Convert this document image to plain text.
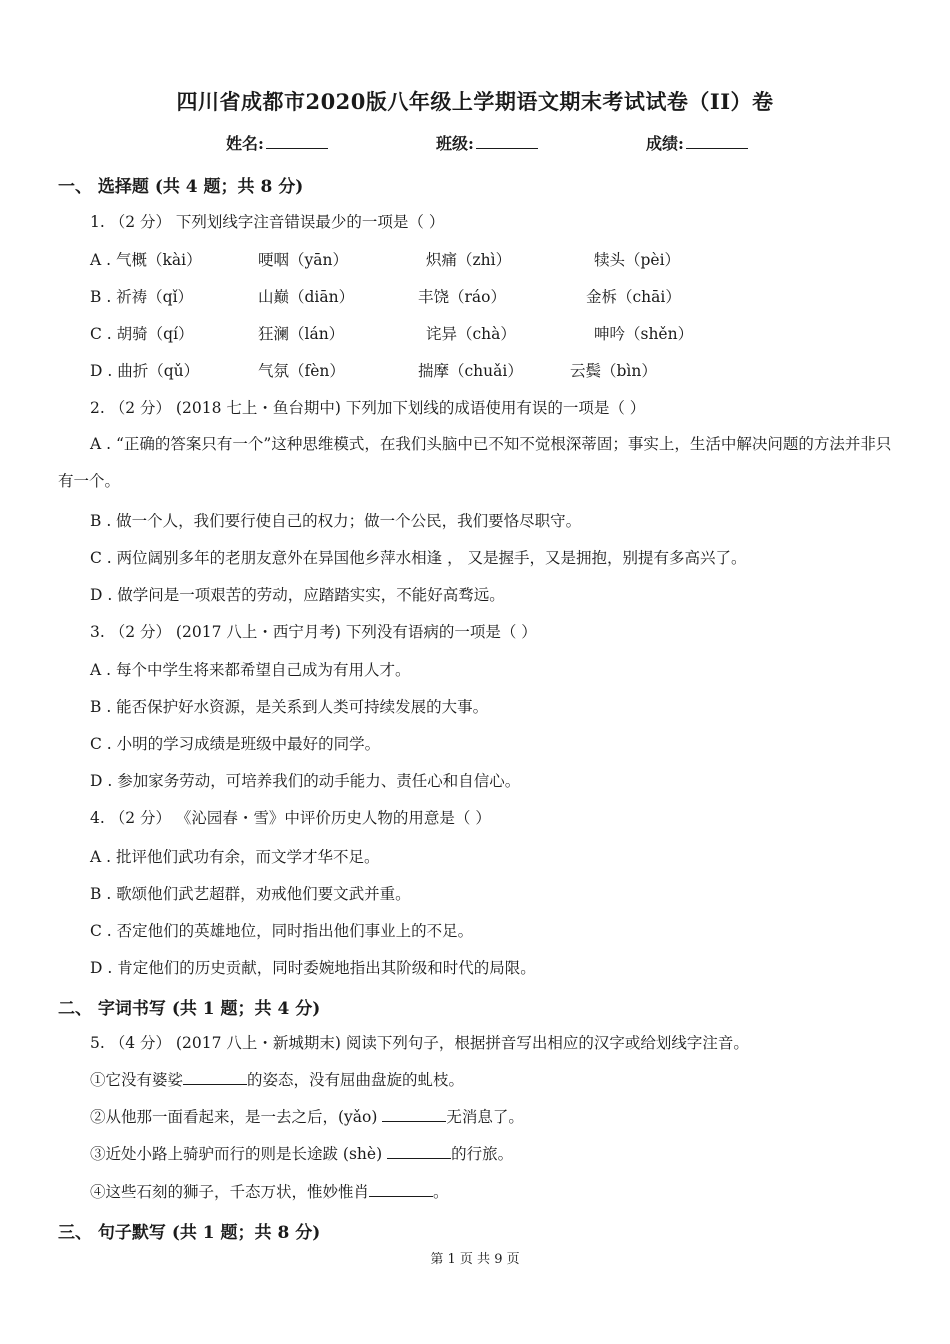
四川省成都市2020版八年级上学期语文期末考试试卷（II）卷
姓名:	班级:	成绩:
一、 选择题 (共 4 题；共 8 分)
1. （2 分） 下列划线字注音错误最少的一项是（ ）
A . 气概（kài）	哽咽（yān）	炽痛（zhì）	犊头（pèi）
B . 祈祷（qǐ）	山巅（diān）	丰饶（ráo）	金柝（chāi）
C . 胡骑（qí）	狂澜（lán）	诧异（chà）	呻吟（shěn）
D . 曲折（qǔ）	气氛（fèn）	揣摩（chuǎi）	云鬓（bìn）
2. （2 分） (2018 七上・鱼台期中) 下列加下划线的成语使用有误的一项是（ ）
A . “正确的答案只有一个”这种思维模式，在我们头脑中已不知不觉根深蒂固；事实上，生活中解决问题的方法并非只有一个。
B . 做一个人，我们要行使自己的权力；做一个公民，我们要恪尽职守。
C . 两位阔别多年的老朋友意外在异国他乡萍水相逢 ， 又是握手，又是拥抱，别提有多高兴了。
D . 做学问是一项艰苦的劳动，应踏踏实实，不能好高骛远。
3. （2 分） (2017 八上・西宁月考) 下列没有语病的一项是（ ）
A . 每个中学生将来都希望自己成为有用人才。
B . 能否保护好水资源，是关系到人类可持续发展的大事。
C . 小明的学习成绩是班级中最好的同学。
D . 参加家务劳动，可培养我们的动手能力、责任心和自信心。
4. （2 分） 《沁园春・雪》中评价历史人物的用意是（ ）
A . 批评他们武功有余，而文学才华不足。
B . 歌颂他们武艺超群，劝戒他们要文武并重。
C . 否定他们的英雄地位，同时指出他们事业上的不足。
D . 肯定他们的历史贡献，同时委婉地指出其阶级和时代的局限。
二、 字词书写 (共 1 题；共 4 分)
5. （4 分） (2017 八上・新城期末) 阅读下列句子，根据拼音写出相应的汉字或给划线字注音。
①它没有婆娑	的姿态，没有屈曲盘旋的虬枝。
②从他那一面看起来，是一去之后，(yǎo)	无消息了。
③近处小路上骑驴而行的则是长途跋 (shè)	的行旅。
④这些石刻的狮子，千态万状，惟妙惟肖	。
三、 句子默写 (共 1 题；共 8 分)
第 1 页 共 9 页
